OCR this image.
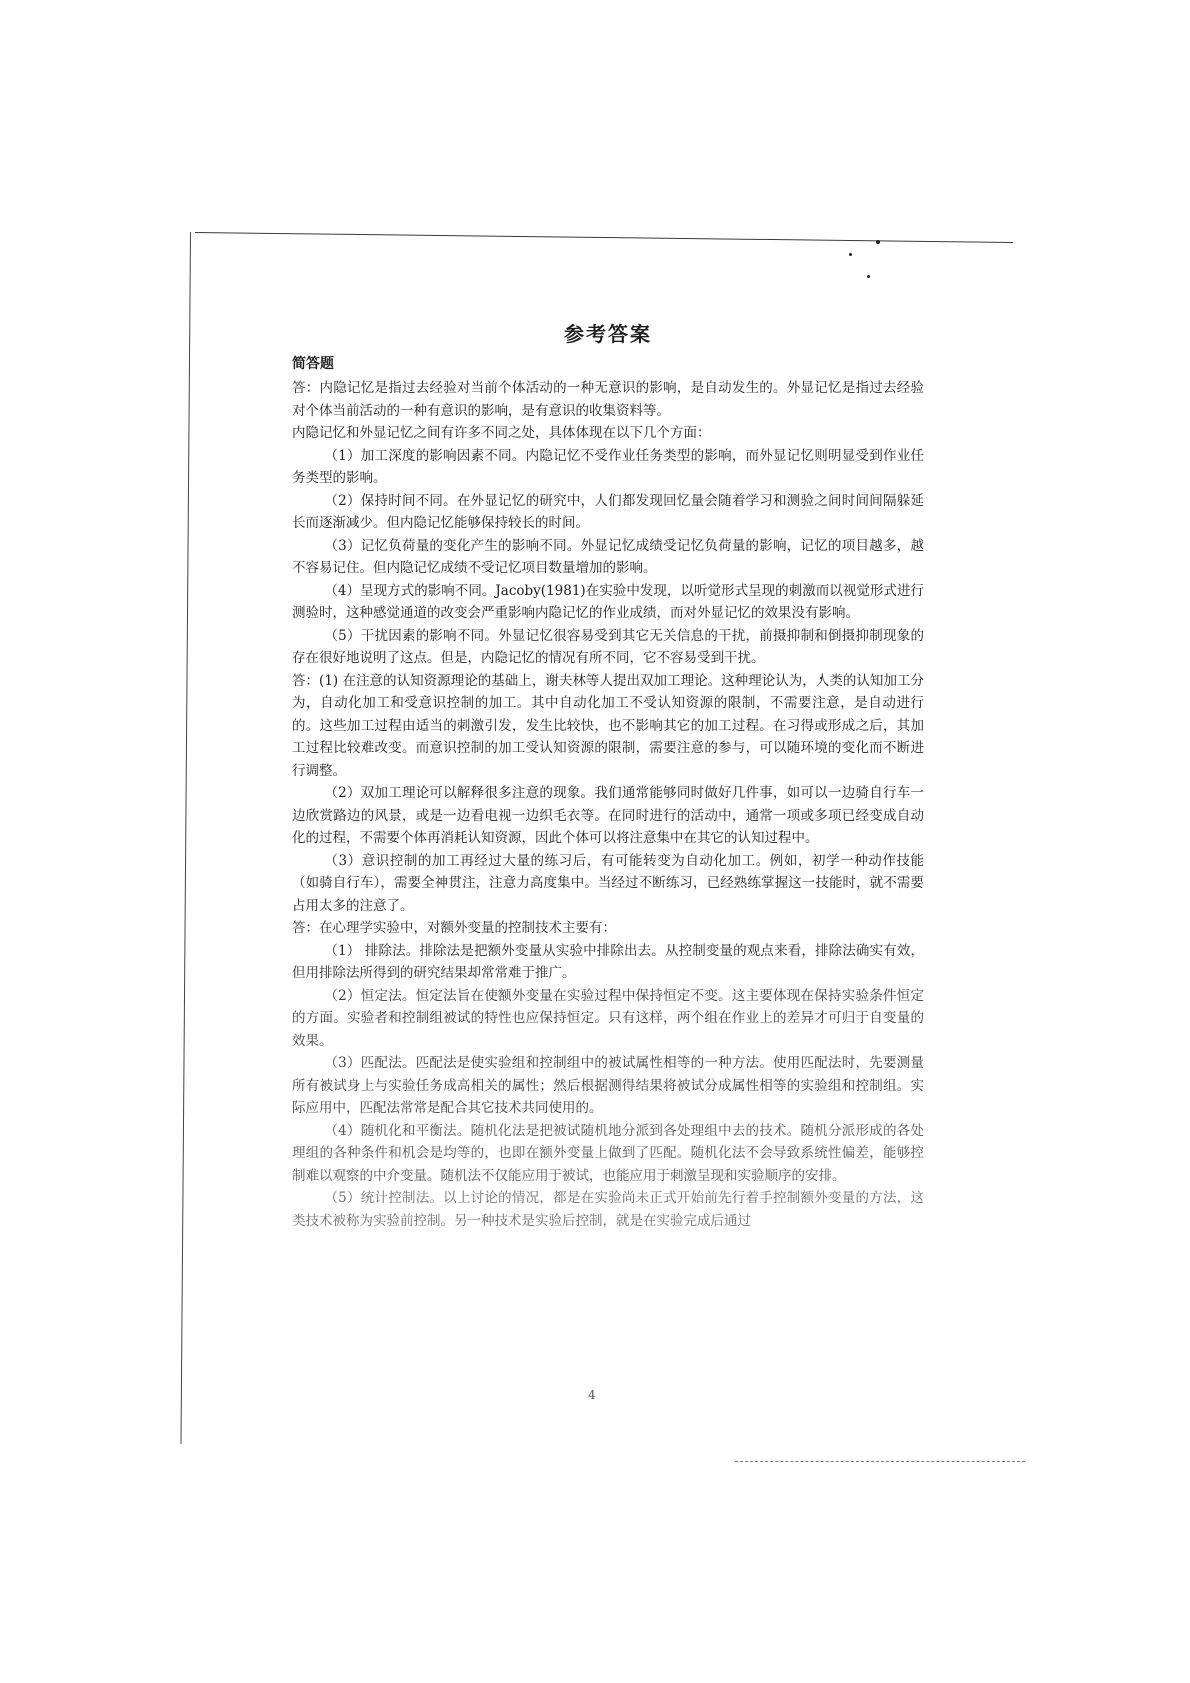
参考答案
简答题

答：内隐记忆是指过去经验对当前个体活动的一种无意识的影响，是自动发生的。外显记忆是指过去经验对个体当前活动的一种有意识的影响，是有意识的收集资料等。

内隐记忆和外显记忆之间有许多不同之处，具体体现在以下几个方面：

（1）加工深度的影响因素不同。内隐记忆不受作业任务类型的影响，而外显记忆则明显受到作业任务类型的影响。

（2）保持时间不同。在外显记忆的研究中，人们都发现回忆量会随着学习和测验之间时间间隔躲延长而逐渐减少。但内隐记忆能够保持较长的时间。

（3）记忆负荷量的变化产生的影响不同。外显记忆成绩受记忆负荷量的影响，记忆的项目越多，越不容易记住。但内隐记忆成绩不受记忆项目数量增加的影响。

（4）呈现方式的影响不同。Jacoby(1981)在实验中发现，以听觉形式呈现的刺激而以视觉形式进行测验时，这种感觉通道的改变会严重影响内隐记忆的作业成绩，而对外显记忆的效果没有影响。

（5）干扰因素的影响不同。外显记忆很容易受到其它无关信息的干扰，前摄抑制和倒摄抑制现象的存在很好地说明了这点。但是，内隐记忆的情况有所不同，它不容易受到干扰。

答：(1) 在注意的认知资源理论的基础上，谢夫林等人提出双加工理论。这种理论认为，人类的认知加工分为，自动化加工和受意识控制的加工。其中自动化加工不受认知资源的限制，不需要注意，是自动进行的。这些加工过程由适当的刺激引发，发生比较快，也不影响其它的加工过程。在习得或形成之后，其加工过程比较难改变。而意识控制的加工受认知资源的限制，需要注意的参与，可以随环境的变化而不断进行调整。

（2）双加工理论可以解释很多注意的现象。我们通常能够同时做好几件事，如可以一边骑自行车一边欣赏路边的风景，或是一边看电视一边织毛衣等。在同时进行的活动中，通常一项或多项已经变成自动化的过程，不需要个体再消耗认知资源，因此个体可以将注意集中在其它的认知过程中。

（3）意识控制的加工再经过大量的练习后，有可能转变为自动化加工。例如，初学一种动作技能（如骑自行车），需要全神贯注，注意力高度集中。当经过不断练习，已经熟练掌握这一技能时，就不需要占用太多的注意了。

答：在心理学实验中，对额外变量的控制技术主要有：

（1） 排除法。排除法是把额外变量从实验中排除出去。从控制变量的观点来看，排除法确实有效，但用排除法所得到的研究结果却常常难于推广。

（2）恒定法。恒定法旨在使额外变量在实验过程中保持恒定不变。这主要体现在保持实验条件恒定的方面。实验者和控制组被试的特性也应保持恒定。只有这样，两个组在作业上的差异才可归于自变量的效果。

（3）匹配法。匹配法是使实验组和控制组中的被试属性相等的一种方法。使用匹配法时，先要测量所有被试身上与实验任务成高相关的属性；然后根据测得结果将被试分成属性相等的实验组和控制组。实际应用中，匹配法常常是配合其它技术共同使用的。

（4）随机化和平衡法。随机化法是把被试随机地分派到各处理组中去的技术。随机分派形成的各处理组的各种条件和机会是均等的，也即在额外变量上做到了匹配。随机化法不会导致系统性偏差，能够控制难以观察的中介变量。随机法不仅能应用于被试，也能应用于刺激呈现和实验顺序的安排。

（5）统计控制法。以上讨论的情况，都是在实验尚未正式开始前先行着手控制额外变量的方法，这类技术被称为实验前控制。另一种技术是实验后控制，就是在实验完成后通过

4
